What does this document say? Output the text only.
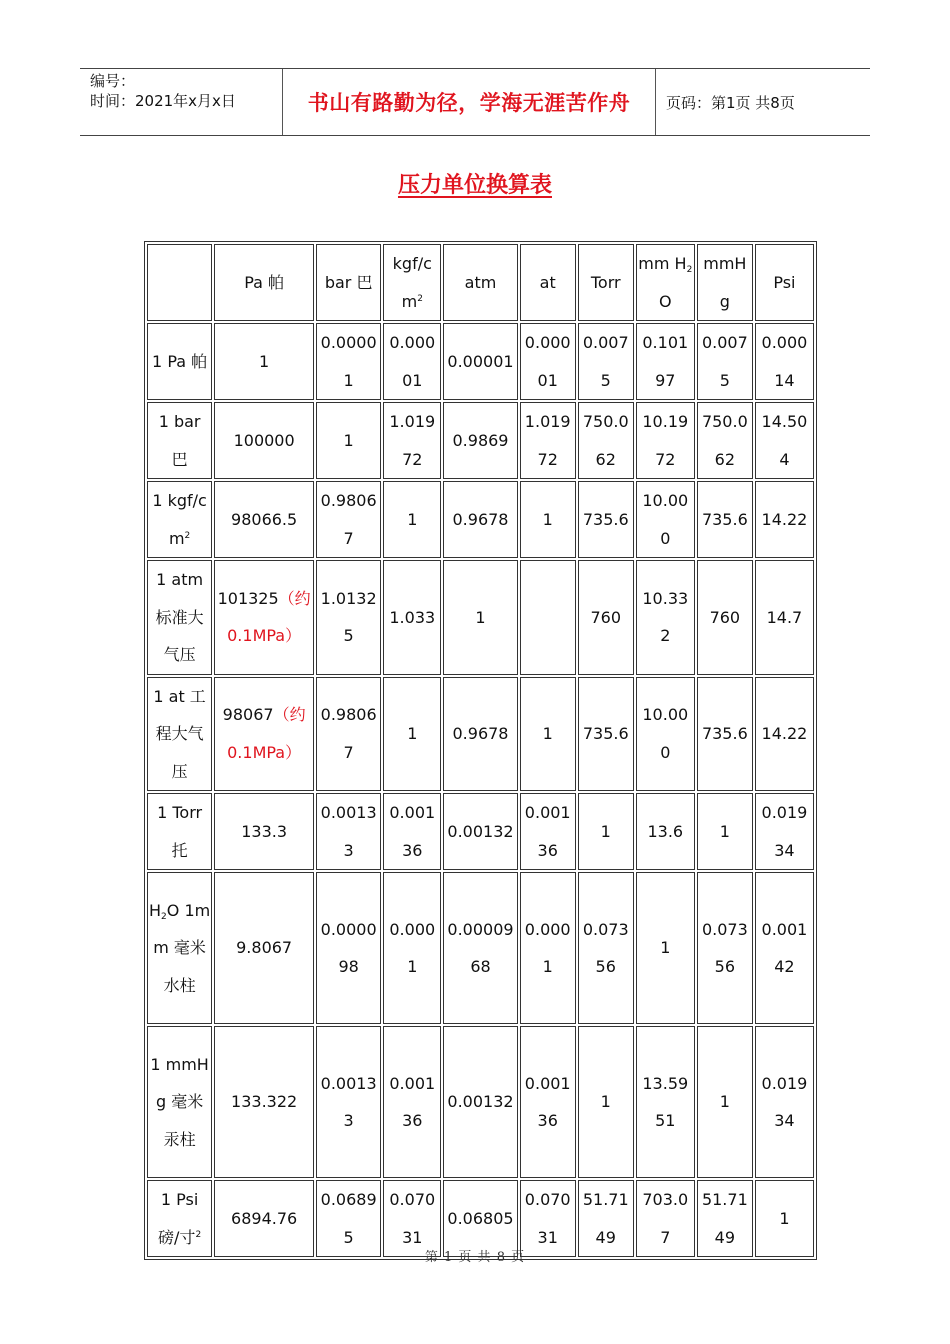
编号：
时间：2021年x月x日	书山有路勤为径，学海无涯苦作舟	页码：第1页 共8页
压力单位换算表
	Pa 帕	bar 巴	kgf/$cm^2$	atm	at	Torr	mm $H_2O$	mmHg	Psi
1 Pa 帕	1	0.00001	0.00001	0.00001	0.00001	0.0075	0.10197	0.0075	0.00014
1 bar 巴	100000	1	1.01972	0.9869	1.01972	750.062	10.1972	750.062	14.504
1 kgf/$cm^2$	98066.5	0.98067	1	0.9678	1	735.6	10.000	735.6	14.22
1 atm 标准大气压	101325（约0.1MPa）	1.01325	1.033	1		760	10.332	760	14.7
1 at 工程大气压	98067（约0.1MPa）	0.98067	1	0.9678	1	735.6	10.000	735.6	14.22
1 Torr 托	133.3	0.00133	0.00136	0.00132	0.00136	1	13.6	1	0.01934
$H_2O$ 1mm 毫米水柱	9.8067	0.000098	0.0001	0.0000968	0.0001	0.07356	1	0.07356	0.00142
1 mmHg 毫米汞柱	133.322	0.00133	0.00136	0.00132	0.00136	1	13.5951	1	0.01934
1 Psi 磅/寸$^2$	6894.76	0.06895	0.07031	0.06805	0.07031	51.7149	703.07	51.7149	1
第 1 页 共 8 页
